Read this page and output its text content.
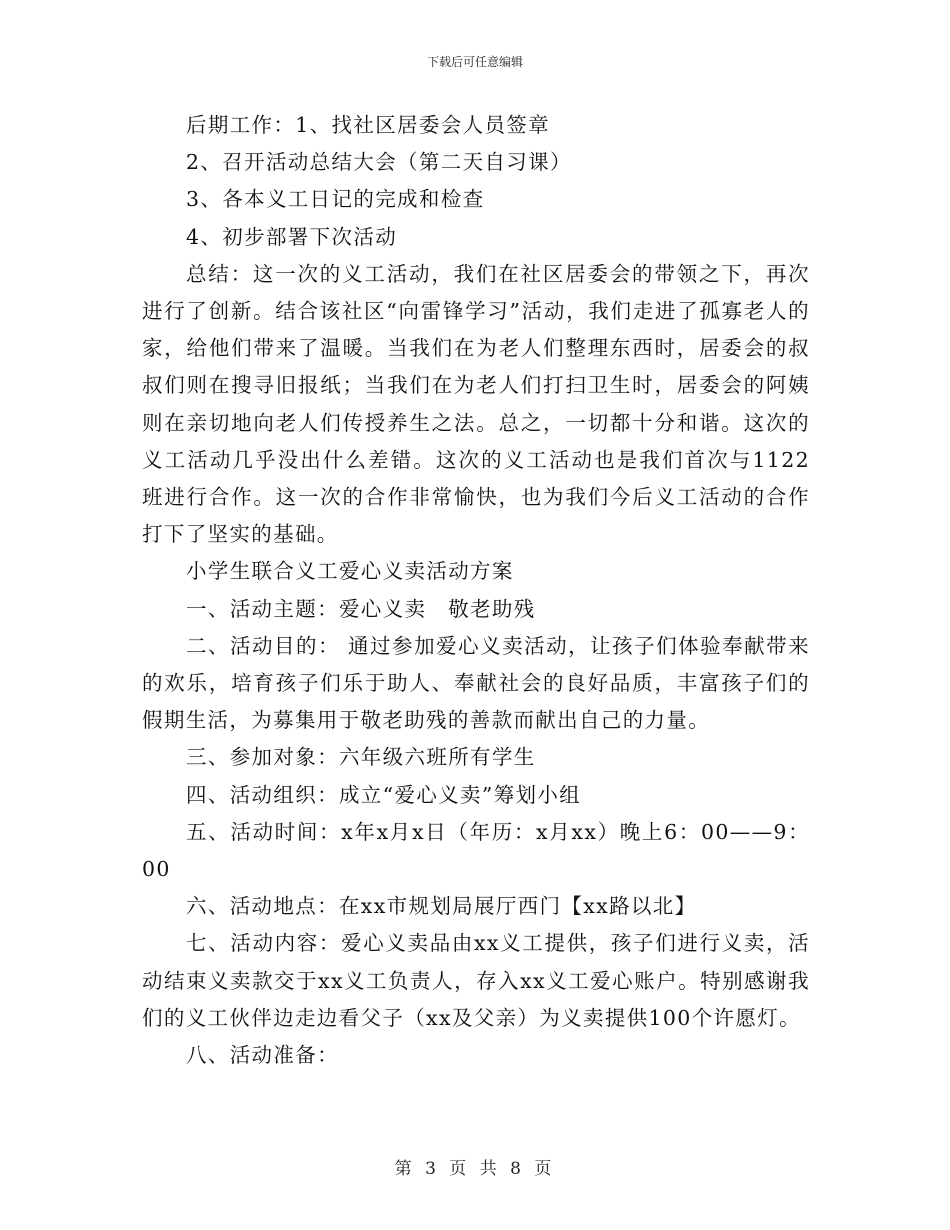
下载后可任意编辑

后期工作：1、找社区居委会人员签章

2、召开活动总结大会（第二天自习课）

3、各本义工日记的完成和检查

4、初步部署下次活动

总结：这一次的义工活动，我们在社区居委会的带领之下，再次进行了创新。结合该社区“向雷锋学习”活动，我们走进了孤寡老人的家，给他们带来了温暖。当我们在为老人们整理东西时，居委会的叔叔们则在搜寻旧报纸；当我们在为老人们打扫卫生时，居委会的阿姨则在亲切地向老人们传授养生之法。总之，一切都十分和谐。这次的义工活动几乎没出什么差错。这次的义工活动也是我们首次与1122班进行合作。这一次的合作非常愉快，也为我们今后义工活动的合作打下了坚实的基础。

小学生联合义工爱心义卖活动方案

一、活动主题：爱心义卖　敬老助残

二、活动目的： 通过参加爱心义卖活动，让孩子们体验奉献带来的欢乐，培育孩子们乐于助人、奉献社会的良好品质，丰富孩子们的假期生活，为募集用于敬老助残的善款而献出自己的力量。

三、参加对象：六年级六班所有学生

四、活动组织：成立“爱心义卖”筹划小组

五、活动时间：x年x月x日（年历：x月xx）晚上6：00——9：00

六、活动地点：在xx市规划局展厅西门【xx路以北】

七、活动内容：爱心义卖品由xx义工提供，孩子们进行义卖，活动结束义卖款交于xx义工负责人，存入xx义工爱心账户。特别感谢我们的义工伙伴边走边看父子（xx及父亲）为义卖提供100个许愿灯。

八、活动准备：

第 3 页 共 8 页
